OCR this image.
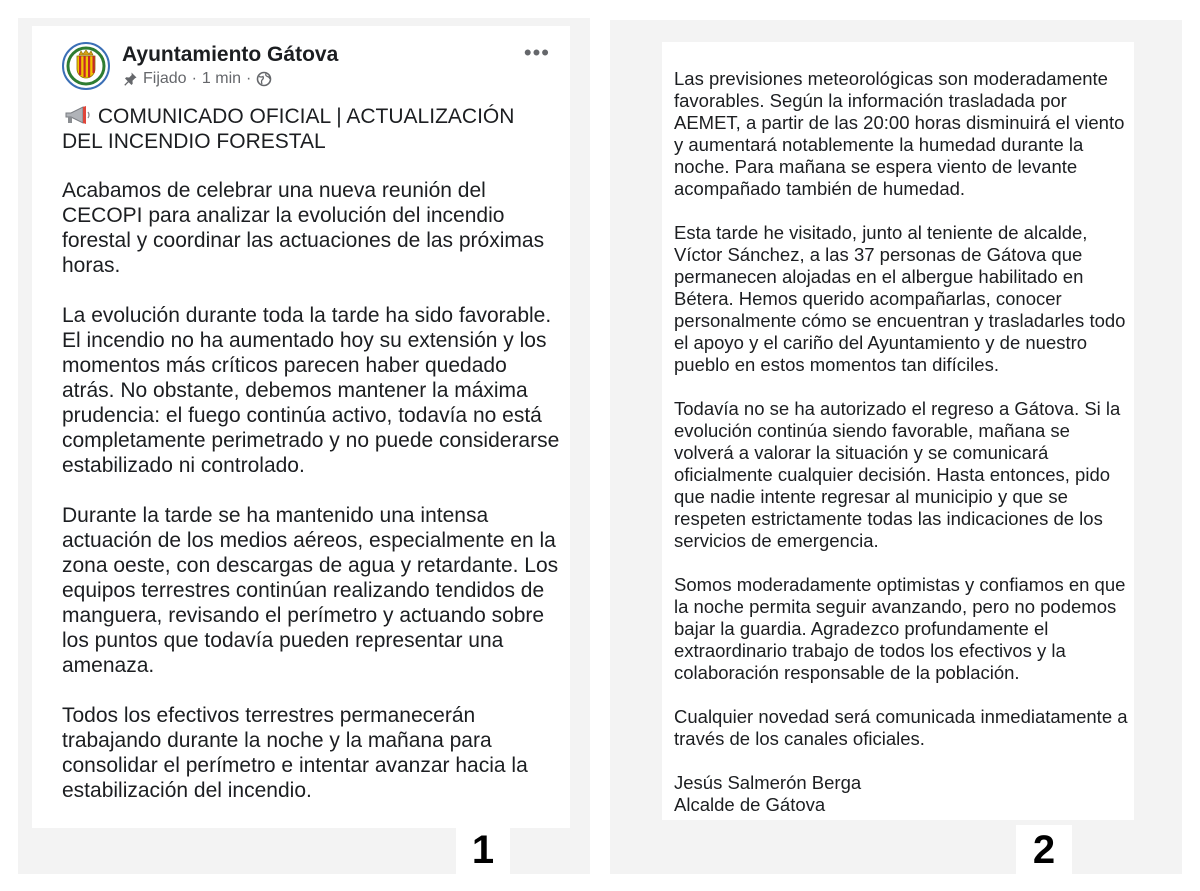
Ayuntamiento Gátova
Fijado · 1 min ·
•••
COMUNICADO OFICIAL | ACTUALIZACIÓN DEL INCENDIO FORESTAL

Acabamos de celebrar una nueva reunión del CECOPI para analizar la evolución del incendio forestal y coordinar las actuaciones de las próximas horas.

La evolución durante toda la tarde ha sido favorable. El incendio no ha aumentado hoy su extensión y los momentos más críticos parecen haber quedado atrás. No obstante, debemos mantener la máxima prudencia: el fuego continúa activo, todavía no está completamente perimetrado y no puede considerarse estabilizado ni controlado.

Durante la tarde se ha mantenido una intensa actuación de los medios aéreos, especialmente en la zona oeste, con descargas de agua y retardante. Los equipos terrestres continúan realizando tendidos de manguera, revisando el perímetro y actuando sobre los puntos que todavía pueden representar una amenaza.

Todos los efectivos terrestres permanecerán trabajando durante la noche y la mañana para consolidar el perímetro e intentar avanzar hacia la estabilización del incendio.

1

Las previsiones meteorológicas son moderadamente favorables. Según la información trasladada por AEMET, a partir de las 20:00 horas disminuirá el viento y aumentará notablemente la humedad durante la noche. Para mañana se espera viento de levante acompañado también de humedad.

Esta tarde he visitado, junto al teniente de alcalde, Víctor Sánchez, a las 37 personas de Gátova que permanecen alojadas en el albergue habilitado en Bétera. Hemos querido acompañarlas, conocer personalmente cómo se encuentran y trasladarles todo el apoyo y el cariño del Ayuntamiento y de nuestro pueblo en estos momentos tan difíciles.

Todavía no se ha autorizado el regreso a Gátova. Si la evolución continúa siendo favorable, mañana se volverá a valorar la situación y se comunicará oficialmente cualquier decisión. Hasta entonces, pido que nadie intente regresar al municipio y que se respeten estrictamente todas las indicaciones de los servicios de emergencia.

Somos moderadamente optimistas y confiamos en que la noche permita seguir avanzando, pero no podemos bajar la guardia. Agradezco profundamente el extraordinario trabajo de todos los efectivos y la colaboración responsable de la población.

Cualquier novedad será comunicada inmediatamente a través de los canales oficiales.

Jesús Salmerón Berga
Alcalde de Gátova
2
